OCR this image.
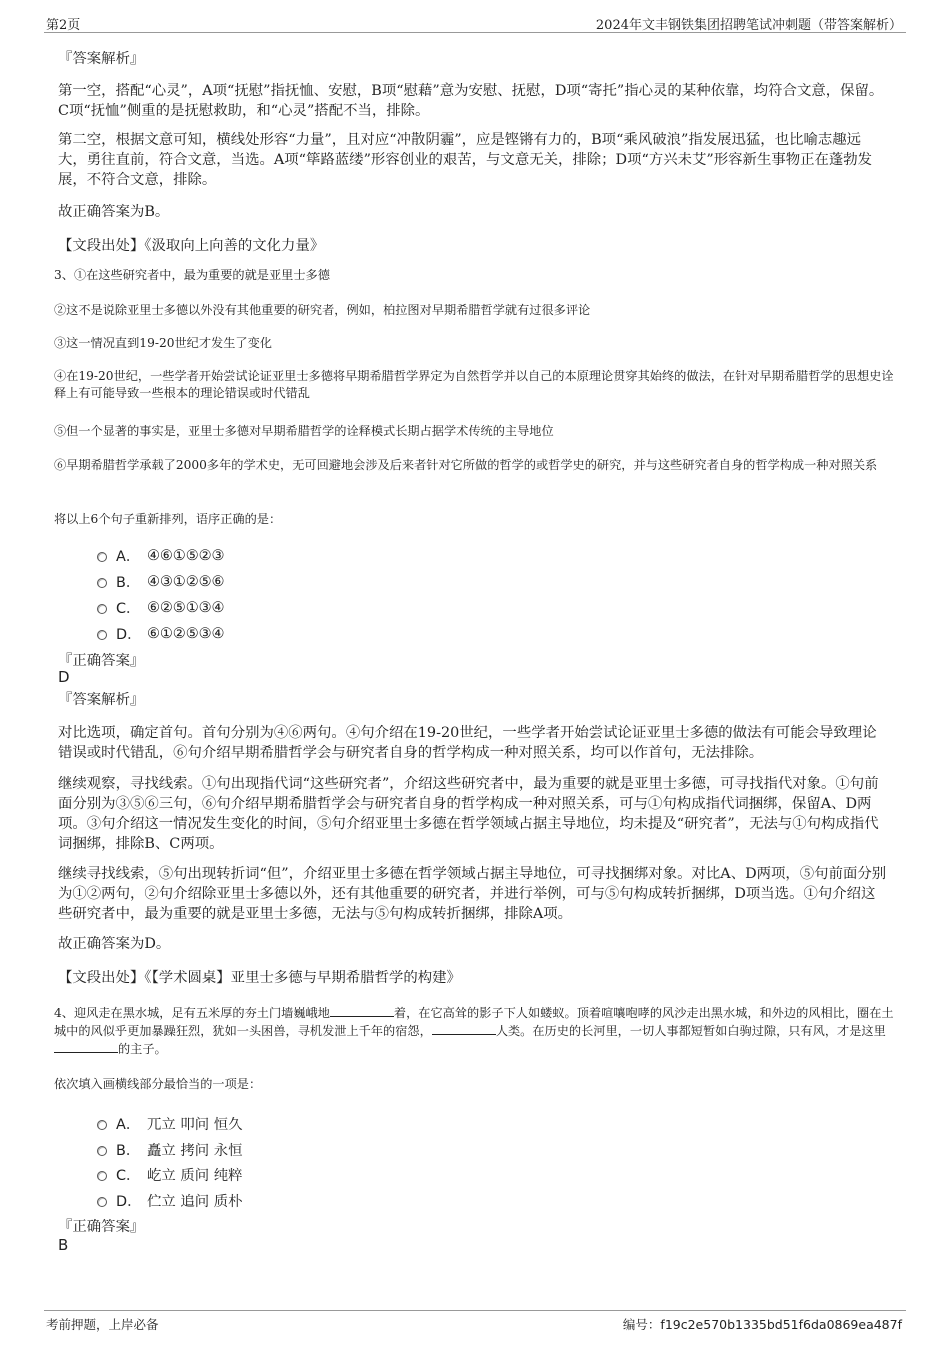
第2页	2024年文丰钢铁集团招聘笔试冲刺题（带答案解析）
『答案解析』
第一空，搭配“心灵”，A项“抚慰”指抚恤、安慰，B项“慰藉”意为安慰、抚慰，D项“寄托”指心灵的某种依靠，均符合文意，保留。C项“抚恤”侧重的是抚慰救助，和“心灵”搭配不当，排除。
第二空，根据文意可知，横线处形容“力量”，且对应“冲散阴霾”，应是铿锵有力的，B项“乘风破浪”指发展迅猛，也比喻志趣远大，勇往直前，符合文意，当选。A项“筚路蓝缕”形容创业的艰苦，与文意无关，排除；D项“方兴未艾”形容新生事物正在蓬勃发展，不符合文意，排除。
故正确答案为B。
【文段出处】《汲取向上向善的文化力量》
3、①在这些研究者中，最为重要的就是亚里士多德
②这不是说除亚里士多德以外没有其他重要的研究者，例如，柏拉图对早期希腊哲学就有过很多评论
③这一情况直到19-20世纪才发生了变化
④在19-20世纪，一些学者开始尝试论证亚里士多德将早期希腊哲学界定为自然哲学并以自己的本原理论贯穿其始终的做法，在针对早期希腊哲学的思想史诠释上有可能导致一些根本的理论错误或时代错乱
⑤但一个显著的事实是，亚里士多德对早期希腊哲学的诠释模式长期占据学术传统的主导地位
⑥早期希腊哲学承载了2000多年的学术史，无可回避地会涉及后来者针对它所做的哲学的或哲学史的研究，并与这些研究者自身的哲学构成一种对照关系
将以上6个句子重新排列，语序正确的是：
A． ④⑥①⑤②③
B． ④③①②⑤⑥
C． ⑥②⑤①③④
D． ⑥①②⑤③④
『正确答案』
D
『答案解析』
对比选项，确定首句。首句分别为④⑥两句。④句介绍在19-20世纪，一些学者开始尝试论证亚里士多德的做法有可能会导致理论错误或时代错乱，⑥句介绍早期希腊哲学会与研究者自身的哲学构成一种对照关系，均可以作首句，无法排除。
继续观察，寻找线索。①句出现指代词“这些研究者”，介绍这些研究者中，最为重要的就是亚里士多德，可寻找指代对象。①句前面分别为③⑤⑥三句，⑥句介绍早期希腊哲学会与研究者自身的哲学构成一种对照关系，可与①句构成指代词捆绑，保留A、D两项。③句介绍这一情况发生变化的时间，⑤句介绍亚里士多德在哲学领域占据主导地位，均未提及“研究者”，无法与①句构成指代词捆绑，排除B、C两项。
继续寻找线索，⑤句出现转折词“但”，介绍亚里士多德在哲学领域占据主导地位，可寻找捆绑对象。对比A、D两项，⑤句前面分别为①②两句，②句介绍除亚里士多德以外，还有其他重要的研究者，并进行举例，可与⑤句构成转折捆绑，D项当选。①句介绍这些研究者中，最为重要的就是亚里士多德，无法与⑤句构成转折捆绑，排除A项。
故正确答案为D。
【文段出处】《【学术圆桌】亚里士多德与早期希腊哲学的构建》
4、迎风走在黑水城，足有五米厚的夯土门墙巍峨地	着，在它高耸的影子下人如蝼蚁。顶着喧嚷咆哮的风沙走出黑水城，和外边的风相比，圈在土城中的风似乎更加暴躁狂烈，犹如一头困兽，寻机发泄上千年的宿怨，	人类。在历史的长河里，一切人事都短暂如白驹过隙，只有风，才是这里的主子。
依次填入画横线部分最恰当的一项是：
A． 兀立 叩问 恒久
B． 矗立 拷问 永恒
C． 屹立 质问 纯粹
D． 伫立 追问 质朴
『正确答案』
B
考前押题，上岸必备	编号：f19c2e570b1335bd51f6da0869ea487f
